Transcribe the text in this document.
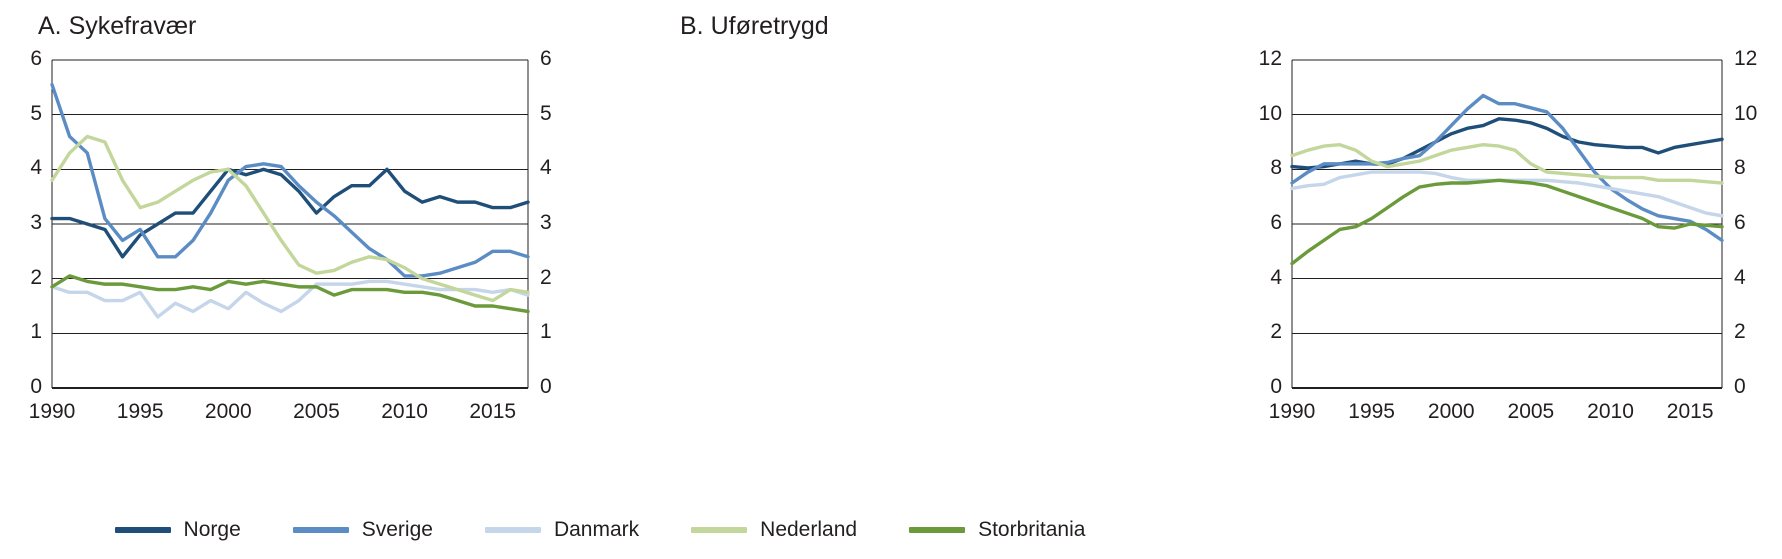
A. Sykefravær
0	0
1	1
2	2
3	3
4	4
5	5
6	6
1990	1995	2000	2005	2010	2015
B. Uføretrygd
0	0
2	2
4	4
6	6
8	8
10	10
12	12
1990	1995	2000	2005	2010	2015
Norge	Sverige	Danmark	Nederland	Storbritania
